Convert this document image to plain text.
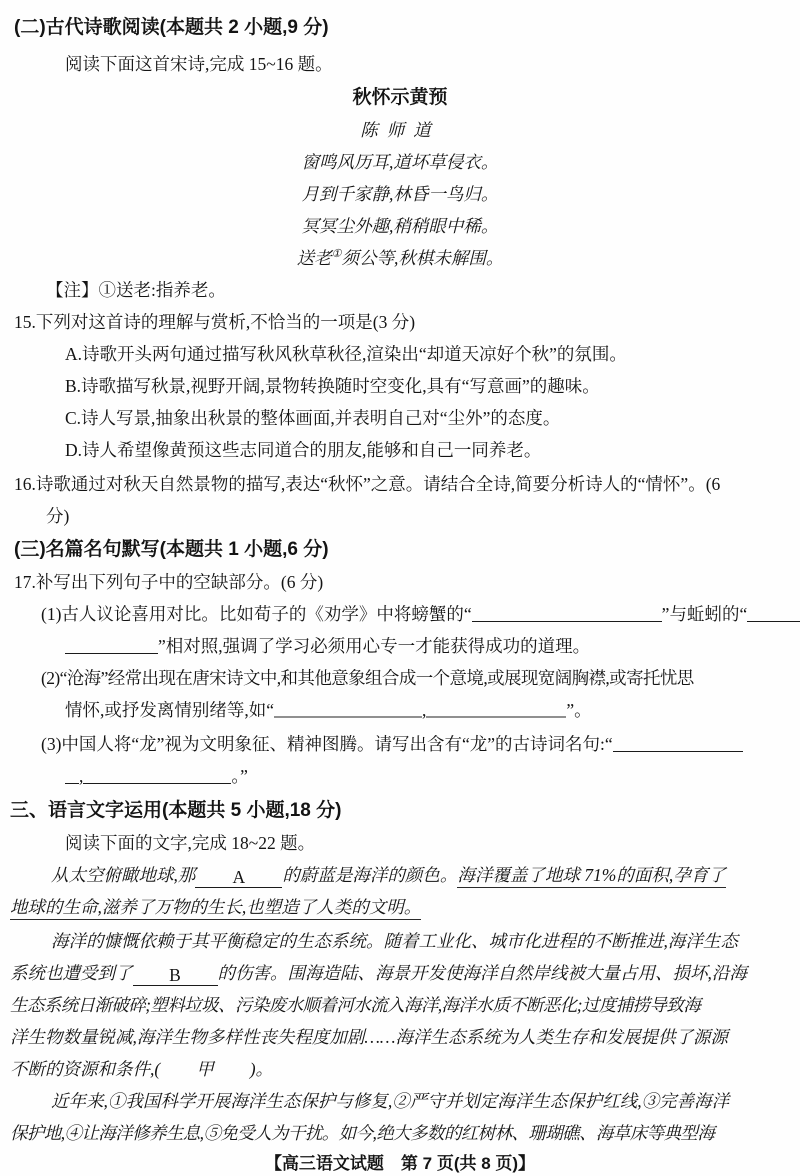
(二)古代诗歌阅读(本题共 2 小题,9 分)
阅读下面这首宋诗,完成 15~16 题。
秋怀示黄预
陈师道
窗鸣风历耳,道坏草侵衣。
月到千家静,林昏一鸟归。
冥冥尘外趣,稍稍眼中稀。
送老①须公等,秋棋未解围。
【注】①送老:指养老。
15.下列对这首诗的理解与赏析,不恰当的一项是(3 分)
A.诗歌开头两句通过描写秋风秋草秋径,渲染出“却道天凉好个秋”的氛围。
B.诗歌描写秋景,视野开阔,景物转换随时空变化,具有“写意画”的趣味。
C.诗人写景,抽象出秋景的整体画面,并表明自己对“尘外”的态度。
D.诗人希望像黄预这些志同道合的朋友,能够和自己一同养老。
16.诗歌通过对秋天自然景物的描写,表达“秋怀”之意。请结合全诗,简要分析诗人的“情怀”。(6
分)
(三)名篇名句默写(本题共 1 小题,6 分)
17.补写出下列句子中的空缺部分。(6 分)
(1)古人议论喜用对比。比如荀子的《劝学》中将螃蟹的“	”与蚯蚓的“
”相对照,强调了学习必须用心专一才能获得成功的道理。
(2)“沧海”经常出现在唐宋诗文中,和其他意象组合成一个意境,或展现宽阔胸襟,或寄托忧思
情怀,或抒发离情别绪等,如“	,	”。
(3)中国人将“龙”视为文明象征、精神图腾。请写出含有“龙”的古诗词名句:“
,	。”
三、语言文字运用(本题共 5 小题,18 分)
阅读下面的文字,完成 18~22 题。
从太空俯瞰地球,那 A 的蔚蓝是海洋的颜色。海洋覆盖了地球 71%的面积,孕育了
地球的生命,滋养了万物的生长,也塑造了人类的文明。
海洋的慷慨依赖于其平衡稳定的生态系统。随着工业化、城市化进程的不断推进,海洋生态
系统也遭受到了 B 的伤害。围海造陆、海景开发使海洋自然岸线被大量占用、损坏,沿海
生态系统日渐破碎;塑料垃圾、污染废水顺着河水流入海洋,海洋水质不断恶化;过度捕捞导致海
洋生物数量锐减,海洋生物多样性丧失程度加剧……海洋生态系统为人类生存和发展提供了源源
不断的资源和条件,( 甲 )。
近年来,①我国科学开展海洋生态保护与修复,②严守并划定海洋生态保护红线,③完善海洋
保护地,④让海洋修养生息,⑤免受人为干扰。如今,绝大多数的红树林、珊瑚礁、海草床等典型海
【高三语文试题　第 7 页(共 8 页)】
